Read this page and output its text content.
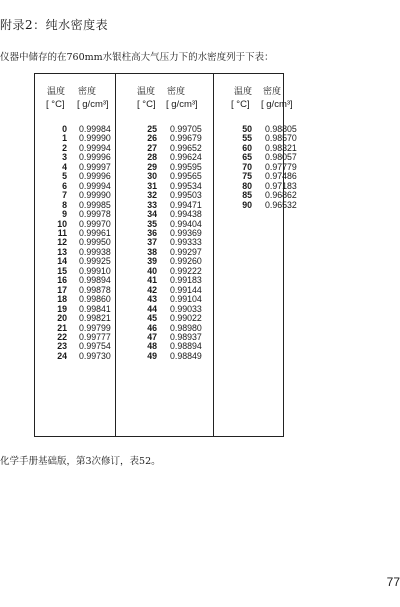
附录2：纯水密度表
仪器中储存的在760mm水银柱高大气压力下的水密度列于下表：
温度 密度
[ °C] [ g/cm³]
0 0.99984
1 0.99990
2 0.99994
3 0.99996
4 0.99997
5 0.99996
6 0.99994
7 0.99990
8 0.99985
9 0.99978
10 0.99970
11 0.99961
12 0.99950
13 0.99938
14 0.99925
15 0.99910
16 0.99894
17 0.99878
18 0.99860
19 0.99841
20 0.99821
21 0.99799
22 0.99777
23 0.99754
24 0.99730
温度 密度
[ °C] [ g/cm³]
25 0.99705
26 0.99679
27 0.99652
28 0.99624
29 0.99595
30 0.99565
31 0.99534
32 0.99503
33 0.99471
34 0.99438
35 0.99404
36 0.99369
37 0.99333
38 0.99297
39 0.99260
40 0.99222
41 0.99183
42 0.99144
43 0.99104
44 0.99033
45 0.99022
46 0.98980
47 0.98937
48 0.98894
49 0.98849
温度 密度
[ °C] [ g/cm³]
50 0.98805
55 0.98570
60 0.98321
65 0.98057
70 0.97779
75 0.97486
80 0.97183
85 0.96862
90 0.96532
化学手册基础版，第3次修订，表52。
77
